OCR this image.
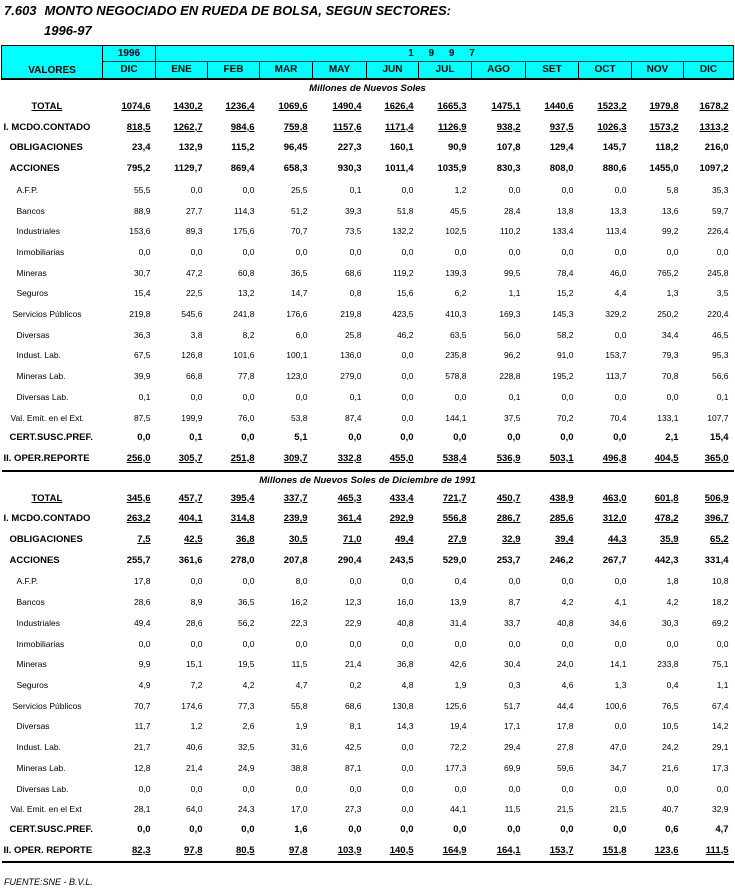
7.603 MONTO NEGOCIADO EN RUEDA DE BOLSA, SEGUN SECTORES:
1996-97
VALORES	1996	1 9 9 7										
	DIC	ENE	FEB	MAR	MAY	JUN	JUL	AGO	SET	OCT	NOV	DIC
Millones de Nuevos Soles												
TOTAL	1074,6	1430,2	1236,4	1069,6	1490,4	1626,4	1665,3	1475,1	1440,6	1523,2	1979,8	1678,2
I. MCDO.CONTADO	818,5	1262,7	984,6	759,8	1157,6	1171,4	1126,9	938,2	937,5	1026,3	1573,2	1313,2
OBLIGACIONES	23,4	132,9	115,2	96,45	227,3	160,1	90,9	107,8	129,4	145,7	118,2	216,0
ACCIONES	795,2	1129,7	869,4	658,3	930,3	1011,4	1035,9	830,3	808,0	880,6	1455,0	1097,2
A.F.P.	55,5	0,0	0,0	25,5	0,1	0,0	1,2	0,0	0,0	0,0	5,8	35,3
Bancos	88,9	27,7	114,3	51,2	39,3	51,8	45,5	28,4	13,8	13,3	13,6	59,7
Industriales	153,6	89,3	175,6	70,7	73,5	132,2	102,5	110,2	133,4	113,4	99,2	226,4
Inmobiliarias	0,0	0,0	0,0	0,0	0,0	0,0	0,0	0,0	0,0	0,0	0,0	0,0
Mineras	30,7	47,2	60,8	36,5	68,6	119,2	139,3	99,5	78,4	46,0	765,2	245,8
Seguros	15,4	22,5	13,2	14,7	0,8	15,6	6,2	1,1	15,2	4,4	1,3	3,5
Servicios Públicos	219,8	545,6	241,8	176,6	219,8	423,5	410,3	169,3	145,3	329,2	250,2	220,4
Diversas	36,3	3,8	8,2	6,0	25,8	46,2	63,5	56,0	58,2	0,0	34,4	46,5
Indust. Lab.	67,5	126,8	101,6	100,1	136,0	0,0	235,8	96,2	91,0	153,7	79,3	95,3
Mineras Lab.	39,9	66,8	77,8	123,0	279,0	0,0	578,8	228,8	195,2	113,7	70,8	56,6
Diversas Lab.	0,1	0,0	0,0	0,0	0,1	0,0	0,0	0,1	0,0	0,0	0,0	0,1
Val. Emit. en el Ext.	87,5	199,9	76,0	53,8	87,4	0,0	144,1	37,5	70,2	70,4	133,1	107,7
CERT.SUSC.PREF.	0,0	0,1	0,0	5,1	0,0	0,0	0,0	0,0	0,0	0,0	2,1	15,4
II. OPER.REPORTE	256,0	305,7	251,8	309,7	332,8	455,0	538,4	536,9	503,1	496,8	404,5	365,0
Millones de Nuevos Soles de Diciembre de 1991												
TOTAL	345,6	457,7	395,4	337,7	465,3	433,4	721,7	450,7	438,9	463,0	601,8	506,9
I. MCDO.CONTADO	263,2	404,1	314,8	239,9	361,4	292,9	556,8	286,7	285,6	312,0	478,2	396,7
OBLIGACIONES	7,5	42,5	36,8	30,5	71,0	49,4	27,9	32,9	39,4	44,3	35,9	65,2
ACCIONES	255,7	361,6	278,0	207,8	290,4	243,5	529,0	253,7	246,2	267,7	442,3	331,4
A.F.P.	17,8	0,0	0,0	8,0	0,0	0,0	0,4	0,0	0,0	0,0	1,8	10,8
Bancos	28,6	8,9	36,5	16,2	12,3	16,0	13,9	8,7	4,2	4,1	4,2	18,2
Industriales	49,4	28,6	56,2	22,3	22,9	40,8	31,4	33,7	40,8	34,6	30,3	69,2
Inmobiliarias	0,0	0,0	0,0	0,0	0,0	0,0	0,0	0,0	0,0	0,0	0,0	0,0
Mineras	9,9	15,1	19,5	11,5	21,4	36,8	42,6	30,4	24,0	14,1	233,8	75,1
Seguros	4,9	7,2	4,2	4,7	0,2	4,8	1,9	0,3	4,6	1,3	0,4	1,1
Servicios Públicos	70,7	174,6	77,3	55,8	68,6	130,8	125,6	51,7	44,4	100,6	76,5	67,4
Diversas	11,7	1,2	2,6	1,9	8,1	14,3	19,4	17,1	17,8	0,0	10,5	14,2
Indust. Lab.	21,7	40,6	32,5	31,6	42,5	0,0	72,2	29,4	27,8	47,0	24,2	29,1
Mineras Lab.	12,8	21,4	24,9	38,8	87,1	0,0	177,3	69,9	59,6	34,7	21,6	17,3
Diversas Lab.	0,0	0,0	0,0	0,0	0,0	0,0	0,0	0,0	0,0	0,0	0,0	0,0
Val. Emit. en el Ext	28,1	64,0	24,3	17,0	27,3	0,0	44,1	11,5	21,5	21,5	40,7	32,9
CERT.SUSC.PREF.	0,0	0,0	0,0	1,6	0,0	0,0	0,0	0,0	0,0	0,0	0,6	4,7
II. OPER. REPORTE	82,3	97,8	80,5	97,8	103,9	140,5	164,9	164,1	153,7	151,8	123,6	111,5
FUENTE:SNE - B.V.L.
